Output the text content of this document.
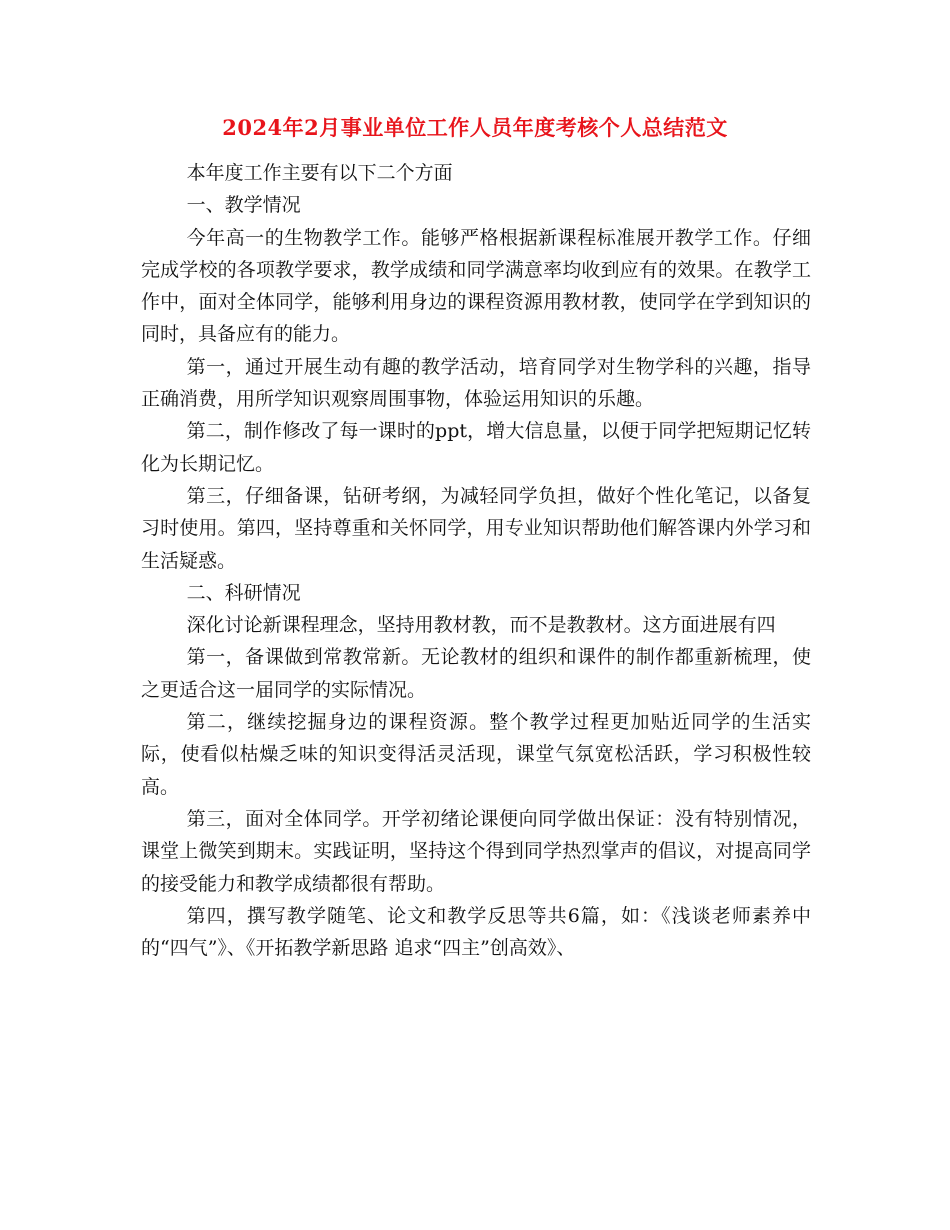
2024年2月事业单位工作人员年度考核个人总结范文

本年度工作主要有以下二个方面

一、教学情况

今年高一的生物教学工作。能够严格根据新课程标准展开教学工作。仔细完成学校的各项教学要求，教学成绩和同学满意率均收到应有的效果。在教学工作中，面对全体同学，能够利用身边的课程资源用教材教，使同学在学到知识的同时，具备应有的能力。

第一，通过开展生动有趣的教学活动，培育同学对生物学科的兴趣，指导正确消费，用所学知识观察周围事物，体验运用知识的乐趣。

第二，制作修改了每一课时的ppt，增大信息量，以便于同学把短期记忆转化为长期记忆。

第三，仔细备课，钻研考纲，为减轻同学负担，做好个性化笔记，以备复习时使用。第四，坚持尊重和关怀同学，用专业知识帮助他们解答课内外学习和生活疑惑。

二、科研情况

深化讨论新课程理念，坚持用教材教，而不是教教材。这方面进展有四

第一，备课做到常教常新。无论教材的组织和课件的制作都重新梳理，使之更适合这一届同学的实际情况。

第二，继续挖掘身边的课程资源。整个教学过程更加贴近同学的生活实际，使看似枯燥乏味的知识变得活灵活现，课堂气氛宽松活跃，学习积极性较高。

第三，面对全体同学。开学初绪论课便向同学做出保证：没有特别情况，课堂上微笑到期末。实践证明，坚持这个得到同学热烈掌声的倡议，对提高同学的接受能力和教学成绩都很有帮助。

第四，撰写教学随笔、论文和教学反思等共6篇，如：《浅谈老师素养中的“四气”》、《开拓教学新思路 追求“四主”创高效》、
